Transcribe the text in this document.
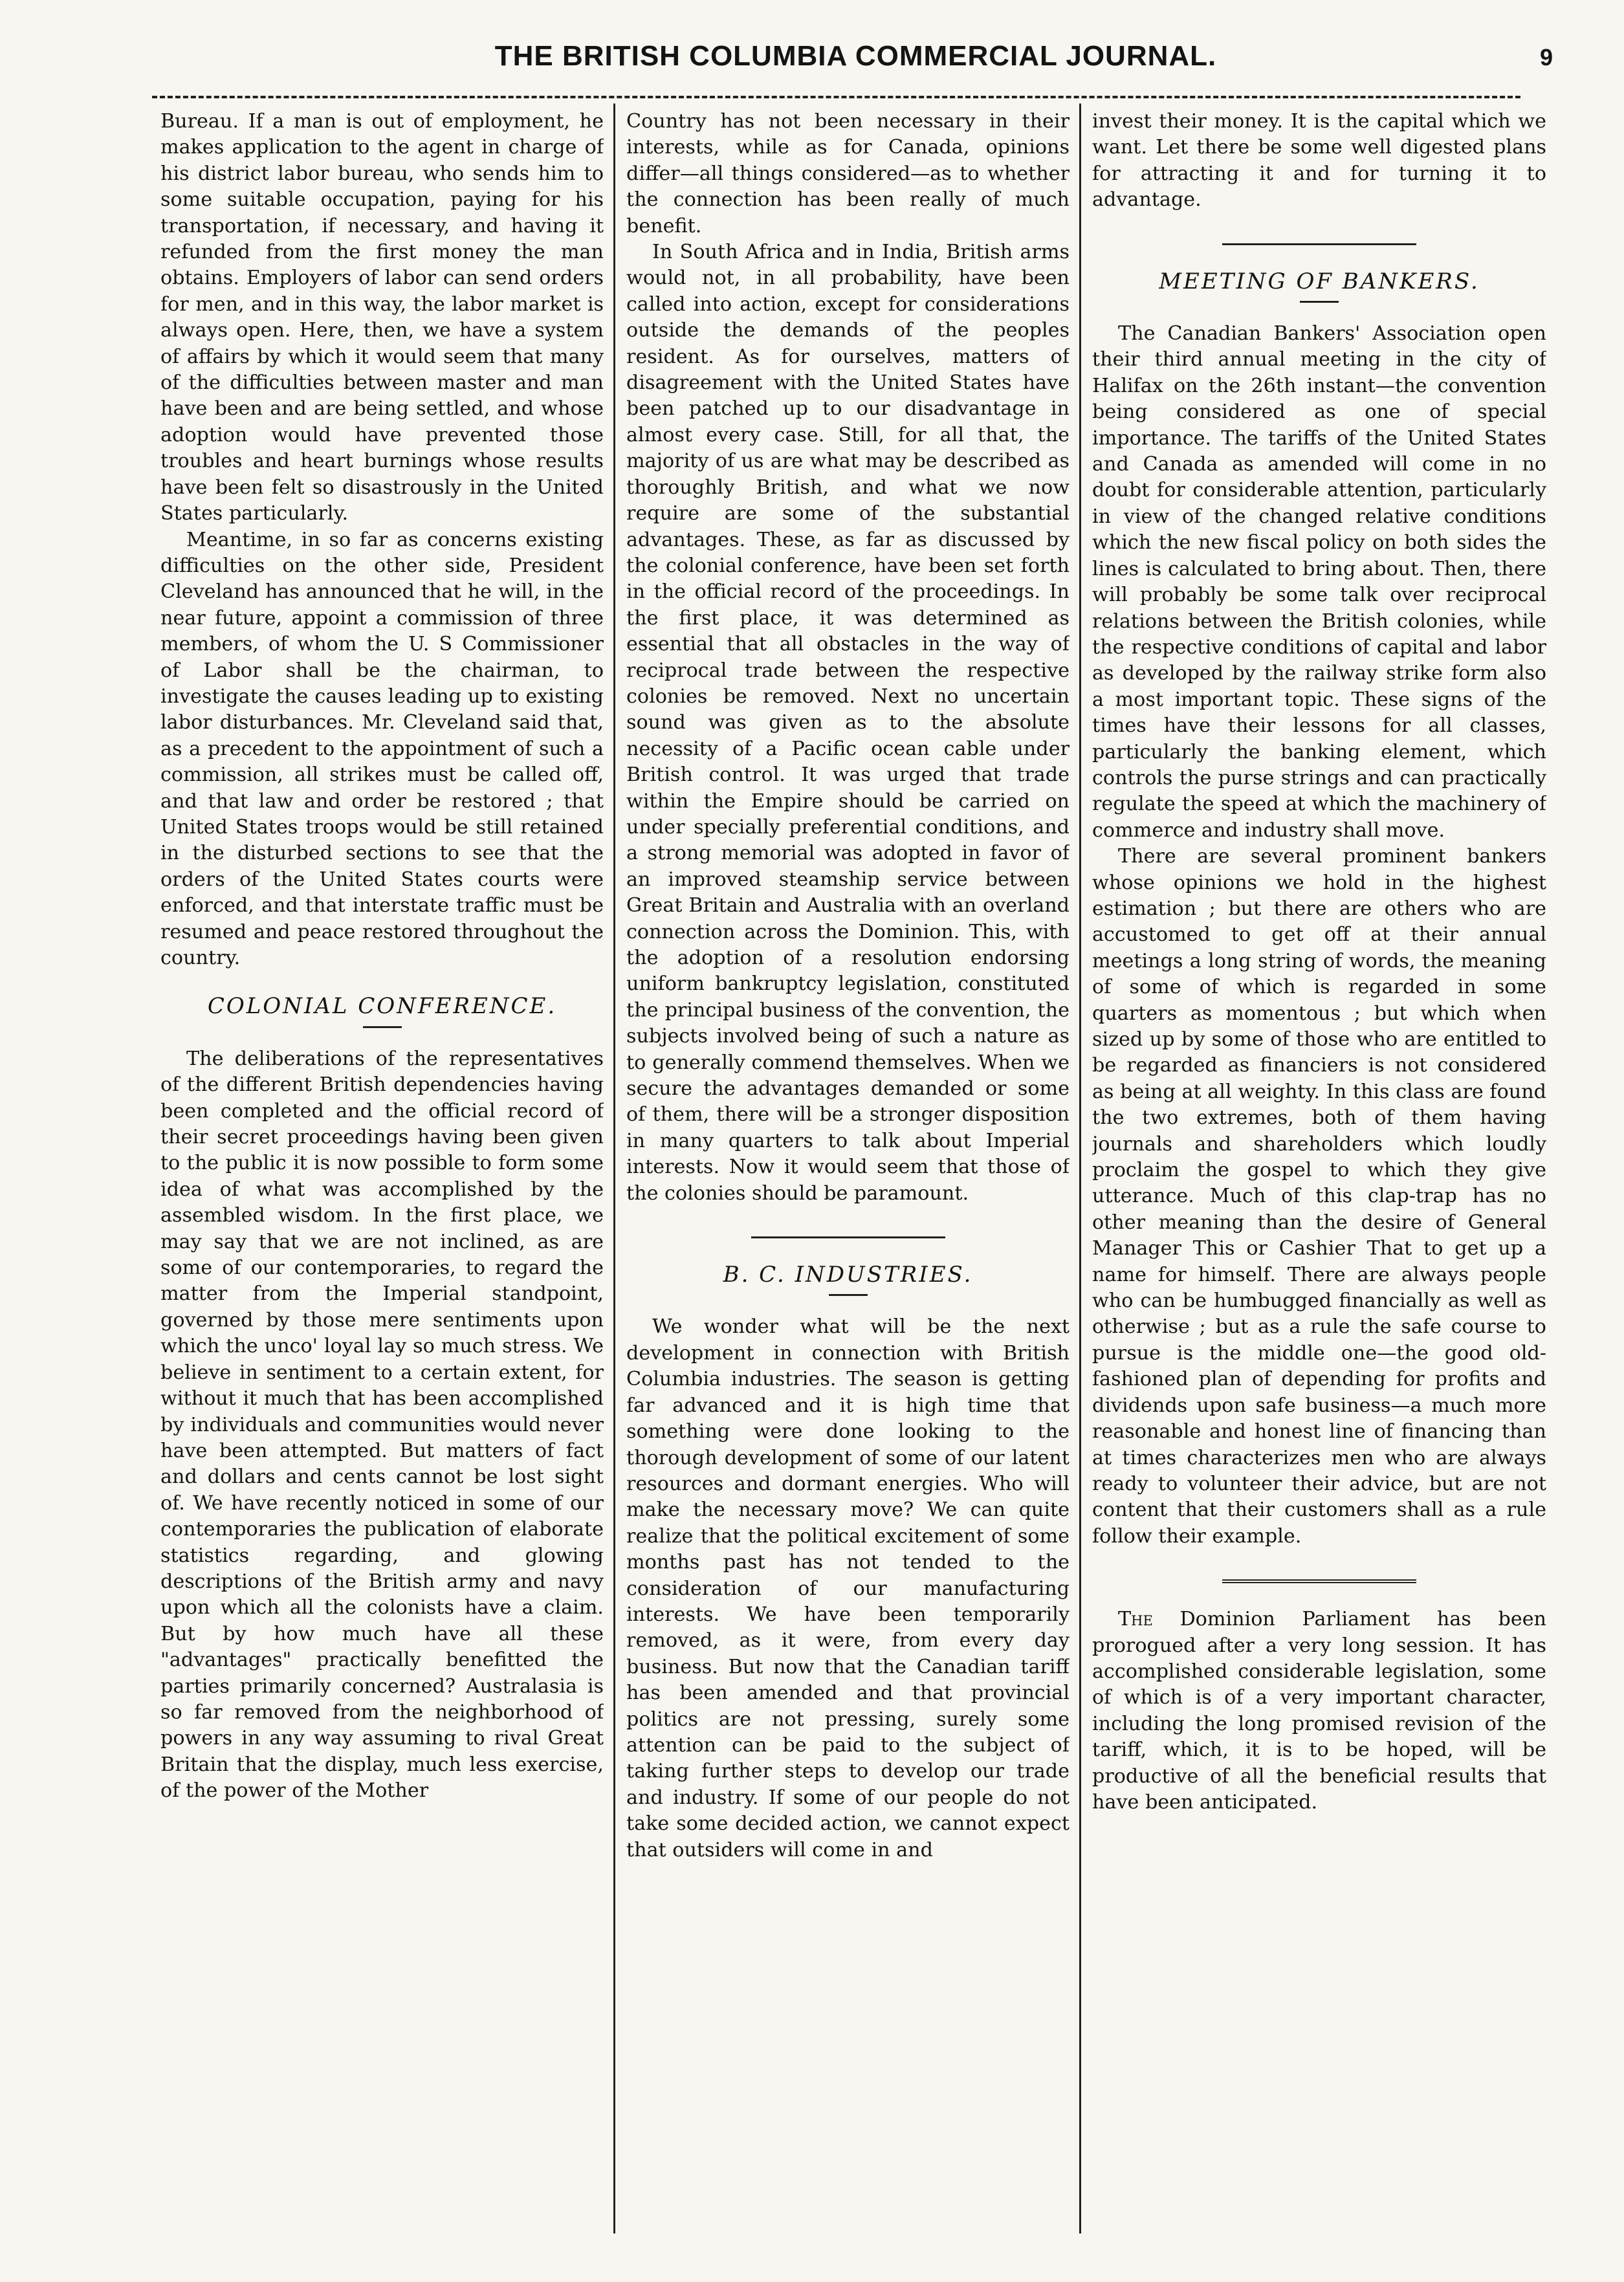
THE BRITISH COLUMBIA COMMERCIAL JOURNAL.	9

Bureau. If a man is out of employment, he makes application to the agent in charge of his district labor bureau, who sends him to some suitable occupation, paying for his transportation, if necessary, and having it refunded from the first money the man obtains. Employers of labor can send orders for men, and in this way, the labor market is always open. Here, then, we have a system of affairs by which it would seem that many of the difficulties between master and man have been and are being settled, and whose adoption would have prevented those troubles and heart burnings whose results have been felt so disastrously in the United States particularly.

Meantime, in so far as concerns existing difficulties on the other side, President Cleveland has announced that he will, in the near future, appoint a commission of three members, of whom the U. S Commissioner of Labor shall be the chairman, to investigate the causes leading up to existing labor disturbances. Mr. Cleveland said that, as a precedent to the appointment of such a commission, all strikes must be called off, and that law and order be restored ; that United States troops would be still retained in the disturbed sections to see that the orders of the United States courts were enforced, and that interstate traffic must be resumed and peace restored throughout the country.

COLONIAL CONFERENCE.

The deliberations of the representatives of the different British dependencies having been completed and the official record of their secret proceedings having been given to the public it is now possible to form some idea of what was accomplished by the assembled wisdom. In the first place, we may say that we are not inclined, as are some of our contemporaries, to regard the matter from the Imperial standpoint, governed by those mere sentiments upon which the unco' loyal lay so much stress. We believe in sentiment to a certain extent, for without it much that has been accomplished by individuals and communities would never have been attempted. But matters of fact and dollars and cents cannot be lost sight of. We have recently noticed in some of our contemporaries the publication of elaborate statistics regarding, and glowing descriptions of the British army and navy upon which all the colonists have a claim. But by how much have all these "advantages" practically benefitted the parties primarily concerned? Australasia is so far removed from the neighborhood of powers in any way assuming to rival Great Britain that the display, much less exercise, of the power of the Mother

Country has not been necessary in their interests, while as for Canada, opinions differ—all things considered—as to whether the connection has been really of much benefit.

In South Africa and in India, British arms would not, in all probability, have been called into action, except for considerations outside the demands of the peoples resident. As for ourselves, matters of disagreement with the United States have been patched up to our disadvantage in almost every case. Still, for all that, the majority of us are what may be described as thoroughly British, and what we now require are some of the substantial advantages. These, as far as discussed by the colonial conference, have been set forth in the official record of the proceedings. In the first place, it was determined as essential that all obstacles in the way of reciprocal trade between the respective colonies be removed. Next no uncertain sound was given as to the absolute necessity of a Pacific ocean cable under British control. It was urged that trade within the Empire should be carried on under specially preferential conditions, and a strong memorial was adopted in favor of an improved steamship service between Great Britain and Australia with an overland connection across the Dominion. This, with the adoption of a resolution endorsing uniform bankruptcy legislation, constituted the principal business of the convention, the subjects involved being of such a nature as to generally commend themselves. When we secure the advantages demanded or some of them, there will be a stronger disposition in many quarters to talk about Imperial interests. Now it would seem that those of the colonies should be paramount.

B. C. INDUSTRIES.

We wonder what will be the next development in connection with British Columbia industries. The season is getting far advanced and it is high time that something were done looking to the thorough development of some of our latent resources and dormant energies. Who will make the necessary move? We can quite realize that the political excitement of some months past has not tended to the consideration of our manufacturing interests. We have been temporarily removed, as it were, from every day business. But now that the Canadian tariff has been amended and that provincial politics are not pressing, surely some attention can be paid to the subject of taking further steps to develop our trade and industry. If some of our people do not take some decided action, we cannot expect that outsiders will come in and

invest their money. It is the capital which we want. Let there be some well digested plans for attracting it and for turning it to advantage.

MEETING OF BANKERS.

The Canadian Bankers' Association open their third annual meeting in the city of Halifax on the 26th instant—the convention being considered as one of special importance. The tariffs of the United States and Canada as amended will come in no doubt for considerable attention, particularly in view of the changed relative conditions which the new fiscal policy on both sides the lines is calculated to bring about. Then, there will probably be some talk over reciprocal relations between the British colonies, while the respective conditions of capital and labor as developed by the railway strike form also a most important topic. These signs of the times have their lessons for all classes, particularly the banking element, which controls the purse strings and can practically regulate the speed at which the machinery of commerce and industry shall move.

There are several prominent bankers whose opinions we hold in the highest estimation ; but there are others who are accustomed to get off at their annual meetings a long string of words, the meaning of some of which is regarded in some quarters as momentous ; but which when sized up by some of those who are entitled to be regarded as financiers is not considered as being at all weighty. In this class are found the two extremes, both of them having journals and shareholders which loudly proclaim the gospel to which they give utterance. Much of this clap-trap has no other meaning than the desire of General Manager This or Cashier That to get up a name for himself. There are always people who can be humbugged financially as well as otherwise ; but as a rule the safe course to pursue is the middle one—the good old-fashioned plan of depending for profits and dividends upon safe business—a much more reasonable and honest line of financing than at times characterizes men who are always ready to volunteer their advice, but are not content that their customers shall as a rule follow their example.

The Dominion Parliament has been prorogued after a very long session. It has accomplished considerable legislation, some of which is of a very important character, including the long promised revision of the tariff, which, it is to be hoped, will be productive of all the beneficial results that have been anticipated.
